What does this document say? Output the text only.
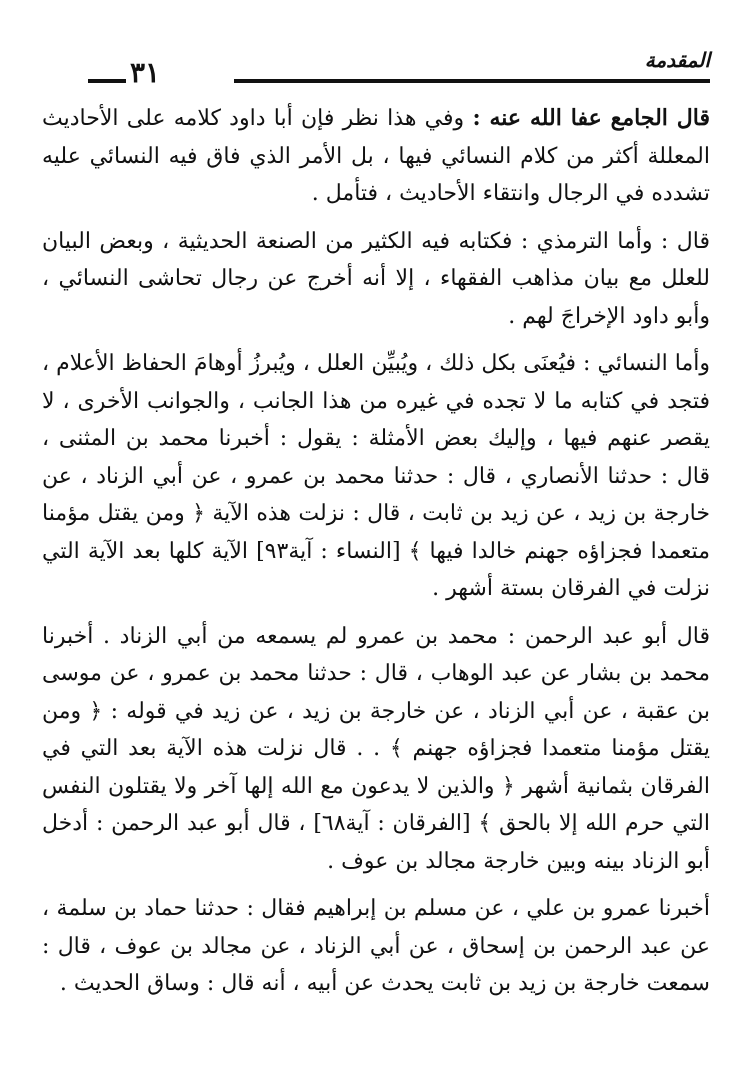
المقدمة
٣١

قال الجامع عفا الله عنه : وفي هذا نظر فإن أبا داود كلامه على الأحاديث المعللة أكثر من كلام النسائي فيها ، بل الأمر الذي فاق فيه النسائي عليه تشدده في الرجال وانتقاء الأحاديث ، فتأمل .

قال : وأما الترمذي : فكتابه فيه الكثير من الصنعة الحديثية ، وبعض البيان للعلل مع بيان مذاهب الفقهاء ، إلا أنه أخرج عن رجال تحاشى النسائي ، وأبو داود الإخراجَ لهم .

وأما النسائي : فيُعنَى بكل ذلك ، ويُبيِّن العلل ، ويُبرزُ أوهامَ الحفاظ الأعلام ، فتجد في كتابه ما لا تجده في غيره من هذا الجانب ، والجوانب الأخرى ، لا يقصر عنهم فيها ، وإليك بعض الأمثلة : يقول : أخبرنا محمد بن المثنى ، قال : حدثنا الأنصاري ، قال : حدثنا محمد بن عمرو ، عن أبي الزناد ، عن خارجة بن زيد ، عن زيد بن ثابت ، قال : نزلت هذه الآية ﴿ ومن يقتل مؤمنا متعمدا فجزاؤه جهنم خالدا فيها ﴾ [النساء : آية٩٣] الآية كلها بعد الآية التي نزلت في الفرقان بستة أشهر .

قال أبو عبد الرحمن : محمد بن عمرو لم يسمعه من أبي الزناد . أخبرنا محمد بن بشار عن عبد الوهاب ، قال : حدثنا محمد بن عمرو ، عن موسى بن عقبة ، عن أبي الزناد ، عن خارجة بن زيد ، عن زيد في قوله : ﴿ ومن يقتل مؤمنا متعمدا فجزاؤه جهنم ﴾ . . قال نزلت هذه الآية بعد التي في الفرقان بثمانية أشهر ﴿ والذين لا يدعون مع الله إلها آخر ولا يقتلون النفس التي حرم الله إلا بالحق ﴾ [الفرقان : آية٦٨] ، قال أبو عبد الرحمن : أدخل أبو الزناد بينه وبين خارجة مجالد بن عوف .

أخبرنا عمرو بن علي ، عن مسلم بن إبراهيم فقال : حدثنا حماد بن سلمة ، عن عبد الرحمن بن إسحاق ، عن أبي الزناد ، عن مجالد بن عوف ، قال : سمعت خارجة بن زيد بن ثابت يحدث عن أبيه ، أنه قال : وساق الحديث .
